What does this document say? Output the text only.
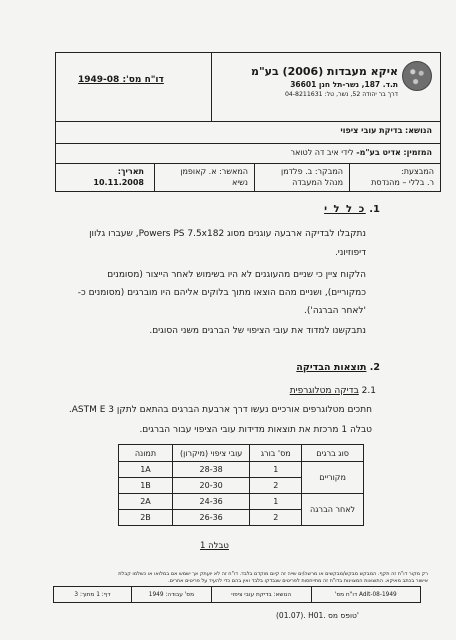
איקא מעבדות (2006) בע"מ
ת.ד. 187, נשר-תל חנן 36601
דרך בר יהודה 52, נשר, טל: 04-8211631
דו"ח מס': 1949-08
הנושא: בדיקת עובי ציפוי
המזמין: אדיט בע"מ- לידי איב דה לטואר
המבצעת:
ר. בללי – מהנדסת
המבקר: ב. פלדמן
מנהל המעבדה
המאשר: א. קאופמן
נשיא
תאריך:
10.11.2008
1. כ ל ל י
נתקבלו לבדיקה ארבעה עוגנים מסוג Powers PS 7.5x182, שעברו גלוון
דיפוזיוני.
הלקוח ציין כי שניים מהעוגנים לא היו בשימוש לאחר הייצור (מסומנים
כמקוריים), ושניים מהם הוצאו מתוך בלוקים אליהם היו מוברגים (מסומנים כ-
'לאחר הברגה').
נתבקשנו למדוד את עובי הציפוי של הברגים משני הסוגים.
2. תוצאות הבדיקה
2.1 בדיקה מטלוגרפית
חתכים מטלוגרפים אורכיים נעשו דרך ארבעת הברגים בהתאם לתקן ASTM E 3.
טבלה 1 מרכזת את תוצאות מדידות עובי הציפוי עבור הברגים.
סוג ברגים	מס' בורג	עובי ציפוי (מיקרון)	תמונה
מקוריים	1	28-38	1A

	2	20-30	1B

לאחר הברגה	1	24-36	2A

	2	26-36	2B

טבלה 1
רק מקור דו"ח זה תקף. המבקש מבקש/מבקשים או מרשה/ים שייה זה קיום מוקדם בלבד. דו"ח זה לא יועתק אך ישמש אם במלואו או כשלמו קבלת
אישור בכתב מאיקא. התוצאות המצוינות בדו"ח זה מתייחסות לפריטים שנבדקו בלבד ואין בהם כדי להעיד על פריטים אחרים.
Adit-08-1949 דו"ח מס'
הנושא: בדיקת עובי ציפוי
מס' עבודה: 1949
דף: 1 מתוך: 3
(01.07). H01. טופס מס'
